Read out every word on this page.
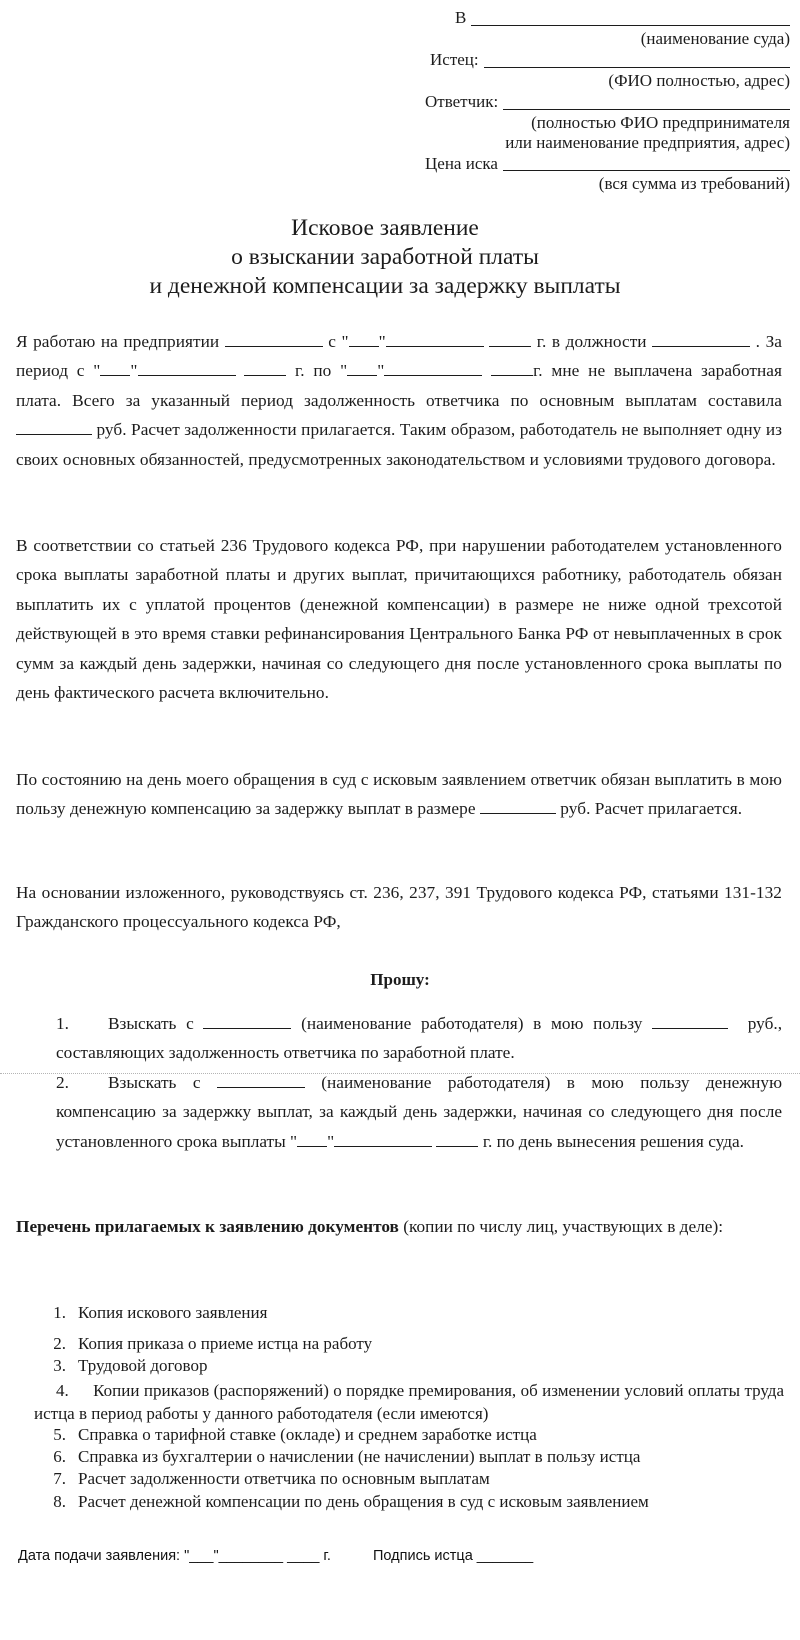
В
(наименование суда)
Истец:
(ФИО полностью, адрес)
Ответчик:
(полностью ФИО предпринимателя
или наименование предприятия, адрес)
Цена иска
(вся сумма из требований)
Исковое заявление
о взыскании заработной платы
и денежной компенсации за задержку выплаты
Я работаю на предприятии	с " "	г. в должности	. За период с " "	г. по " "	г. мне не выплачена заработная плата. Всего за указанный период задолженность ответчика по основным выплатам составила  руб. Расчет задолженности прилагается. Таким образом, работодатель не выполняет одну из своих основных обязанностей, предусмотренных законодательством и условиями трудового договора.
В соответствии со статьей 236 Трудового кодекса РФ, при нарушении работодателем установленного срока выплаты заработной платы и других выплат, причитающихся работнику, работодатель обязан выплатить их с уплатой процентов (денежной компенсации) в размере не ниже одной трехсотой действующей в это время ставки рефинансирования Центрального Банка РФ от невыплаченных в срок сумм за каждый день задержки, начиная со следующего дня после установленного срока выплаты по день фактического расчета включительно.
По состоянию на день моего обращения в суд с исковым заявлением ответчик обязан выплатить в мою пользу денежную компенсацию за задержку выплат в размере	руб. Расчет прилагается.
На основании изложенного, руководствуясь ст. 236, 237, 391 Трудового кодекса РФ, статьями 131-132 Гражданского процессуального кодекса РФ,
Прошу:
1. Взыскать с	(наименование работодателя) в мою пользу	руб., составляющих задолженность ответчика по заработной плате.
2. Взыскать с	(наименование работодателя) в мою пользу денежную компенсацию за задержку выплат, за каждый день задержки, начиная со следующего дня после установленного срока выплаты " "	г. по день вынесения решения суда.
Перечень прилагаемых к заявлению документов (копии по числу лиц, участвующих в деле):
1. Копия искового заявления
2. Копия приказа о приеме истца на работу
3. Трудовой договор
4. Копии приказов (распоряжений) о порядке премирования, об изменении условий оплаты труда истца в период работы у данного работодателя (если имеются)
5. Справка о тарифной ставке (окладе) и среднем заработке истца
6. Справка из бухгалтерии о начислении (не начислении) выплат в пользу истца
7. Расчет задолженности ответчика по основным выплатам
8. Расчет денежной компенсации по день обращения в суд с исковым заявлением
Дата подачи заявления: "___"________ ____ г.	Подпись истца _______
